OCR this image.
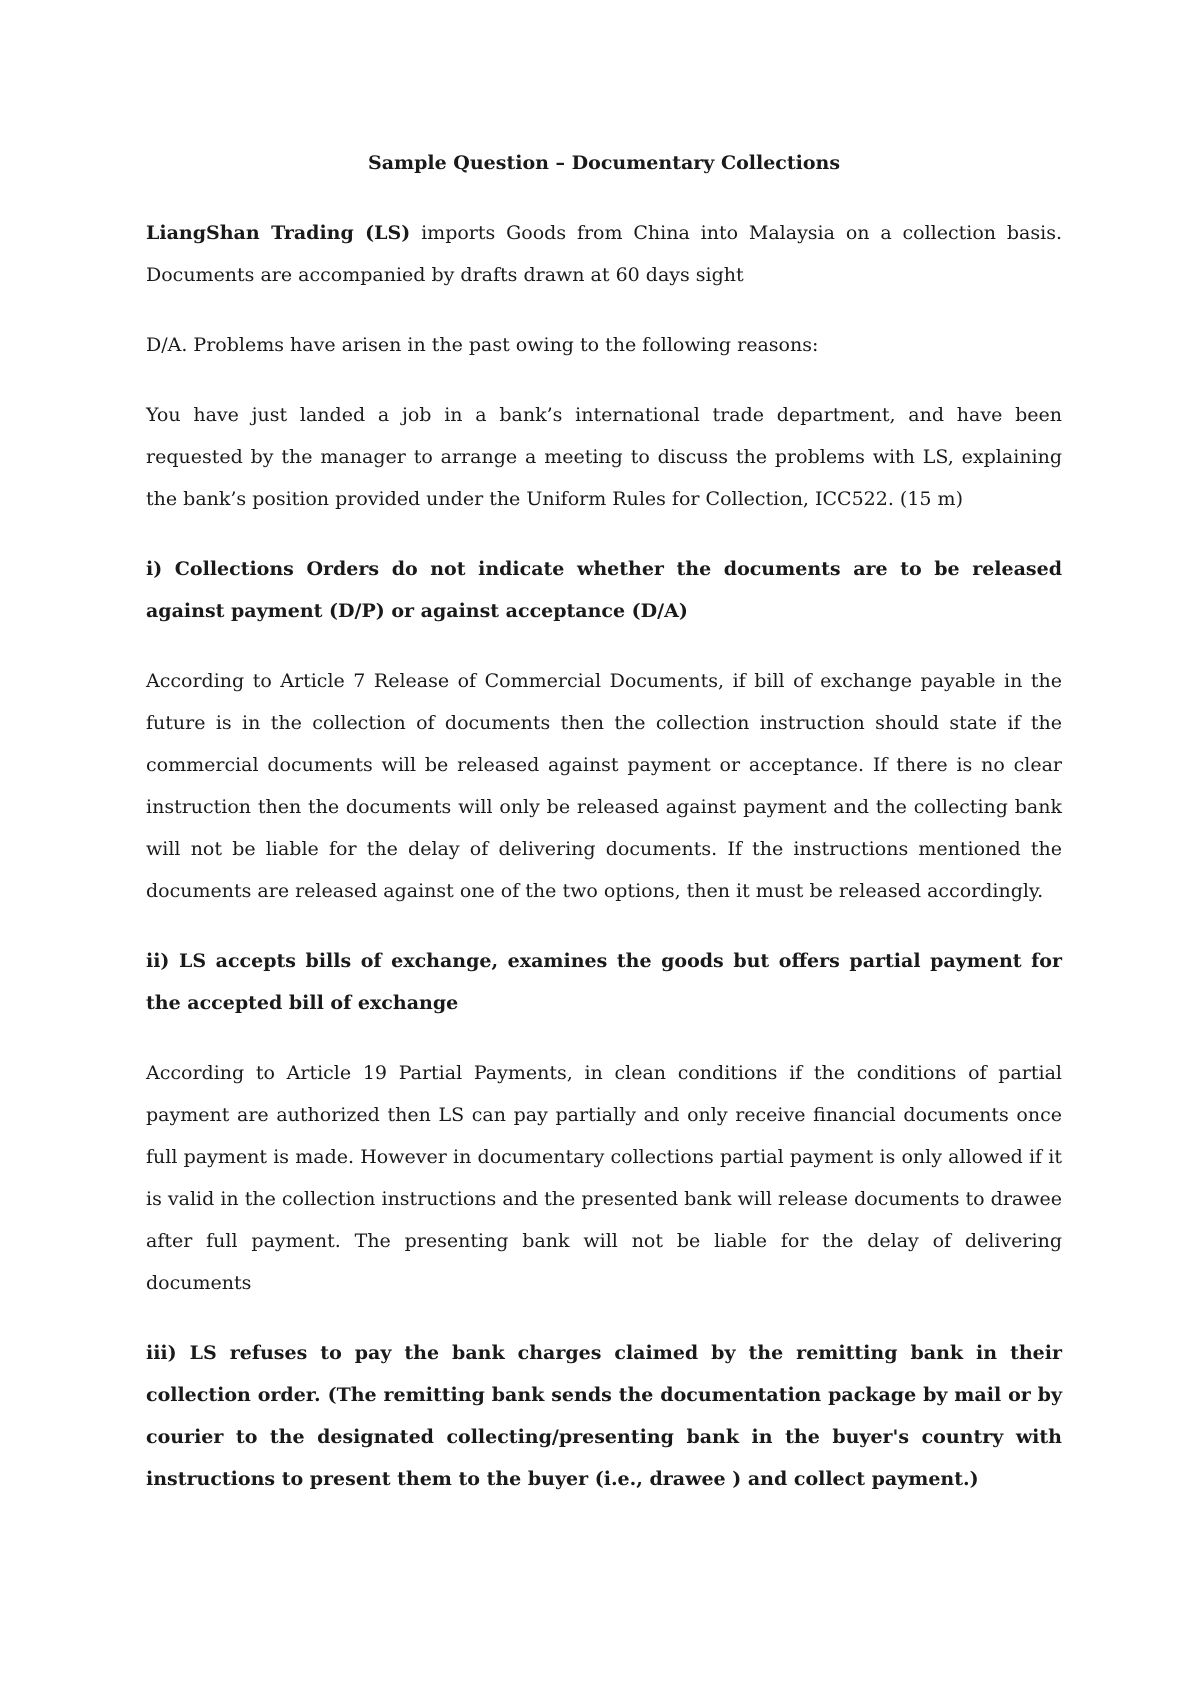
Sample Question – Documentary Collections

LiangShan Trading (LS) imports Goods from China into Malaysia on a collection basis. Documents are accompanied by drafts drawn at 60 days sight

D/A. Problems have arisen in the past owing to the following reasons:

You have just landed a job in a bank’s international trade department, and have been requested by the manager to arrange a meeting to discuss the problems with LS, explaining the bank’s position provided under the Uniform Rules for Collection, ICC522. (15 m)

i) Collections Orders do not indicate whether the documents are to be released against payment (D/P) or against acceptance (D/A)

According to Article 7 Release of Commercial Documents, if bill of exchange payable in the future is in the collection of documents then the collection instruction should state if the commercial documents will be released against payment or acceptance. If there is no clear instruction then the documents will only be released against payment and the collecting bank will not be liable for the delay of delivering documents. If the instructions mentioned the documents are released against one of the two options, then it must be released accordingly.

ii) LS accepts bills of exchange, examines the goods but offers partial payment for the accepted bill of exchange

According to Article 19 Partial Payments, in clean conditions if the conditions of partial payment are authorized then LS can pay partially and only receive financial documents once full payment is made. However in documentary collections partial payment is only allowed if it is valid in the collection instructions and the presented bank will release documents to drawee after full payment. The presenting bank will not be liable for the delay of delivering documents

iii) LS refuses to pay the bank charges claimed by the remitting bank in their collection order. (The remitting bank sends the documentation package by mail or by courier to the designated collecting/presenting bank in the buyer's country with instructions to present them to the buyer (i.e., drawee ) and collect payment.)
